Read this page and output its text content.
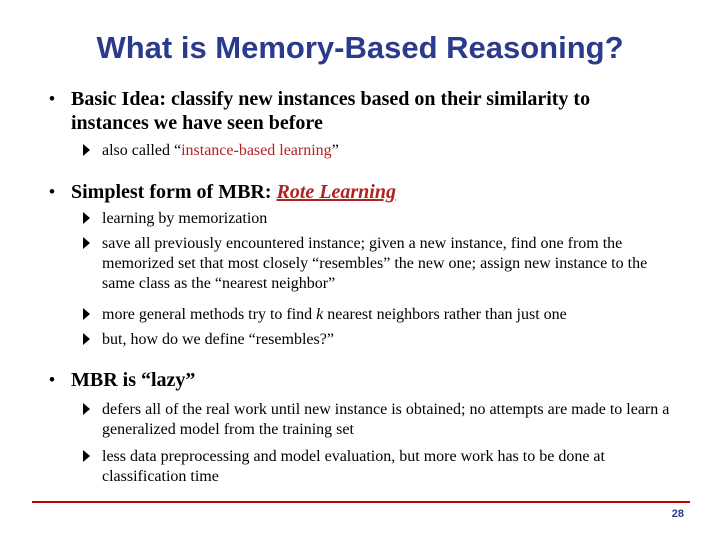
What is Memory-Based Reasoning?
• Basic Idea: classify new instances based on their similarity to instances we have seen before
also called “instance-based learning”
• Simplest form of MBR: Rote Learning
learning by memorization
save all previously encountered instance; given a new instance, find one from the memorized set that most closely “resembles” the new one; assign new instance to the same class as the “nearest neighbor”
more general methods try to find k nearest neighbors rather than just one
but, how do we define “resembles?”
• MBR is “lazy”
defers all of the real work until new instance is obtained; no attempts are made to learn a generalized model from the training set
less data preprocessing and model evaluation, but more work has to be done at classification time
28
